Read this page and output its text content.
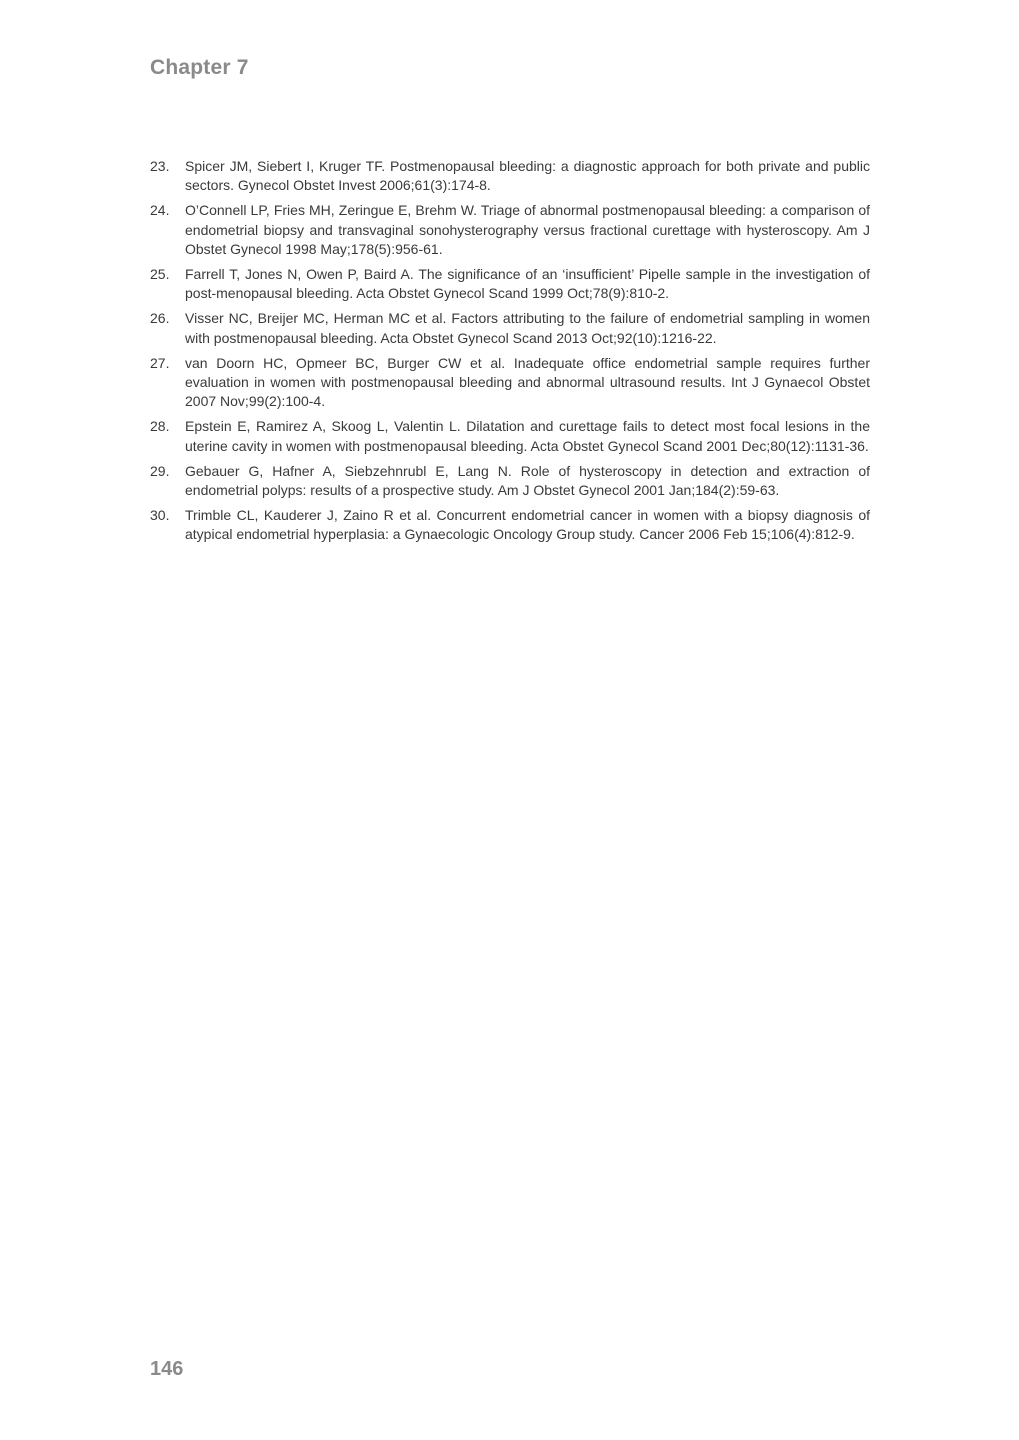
Chapter 7
23.	Spicer JM, Siebert I, Kruger TF. Postmenopausal bleeding: a diagnostic approach for both private and public sectors. Gynecol Obstet Invest 2006;61(3):174-8.
24.	O’Connell LP, Fries MH, Zeringue E, Brehm W. Triage of abnormal postmenopausal bleeding: a comparison of endometrial biopsy and transvaginal sonohysterography versus fractional curettage with hysteroscopy. Am J Obstet Gynecol 1998 May;178(5):956-61.
25.	Farrell T, Jones N, Owen P, Baird A. The significance of an ‘insufficient’ Pipelle sample in the investigation of post-menopausal bleeding. Acta Obstet Gynecol Scand 1999 Oct;78(9):810-2.
26.	Visser NC, Breijer MC, Herman MC et al. Factors attributing to the failure of endometrial sampling in women with postmenopausal bleeding. Acta Obstet Gynecol Scand 2013 Oct;92(10):1216-22.
27.	van Doorn HC, Opmeer BC, Burger CW et al. Inadequate office endometrial sample requires further evaluation in women with postmenopausal bleeding and abnormal ultrasound results. Int J Gynaecol Obstet 2007 Nov;99(2):100-4.
28.	Epstein E, Ramirez A, Skoog L, Valentin L. Dilatation and curettage fails to detect most focal lesions in the uterine cavity in women with postmenopausal bleeding. Acta Obstet Gynecol Scand 2001 Dec;80(12):1131-36.
29.	Gebauer G, Hafner A, Siebzehnrubl E, Lang N. Role of hysteroscopy in detection and extraction of endometrial polyps: results of a prospective study. Am J Obstet Gynecol 2001 Jan;184(2):59-63.
30.	Trimble CL, Kauderer J, Zaino R et al. Concurrent endometrial cancer in women with a biopsy diagnosis of atypical endometrial hyperplasia: a Gynaecologic Oncology Group study. Cancer 2006 Feb 15;106(4):812-9.
146
